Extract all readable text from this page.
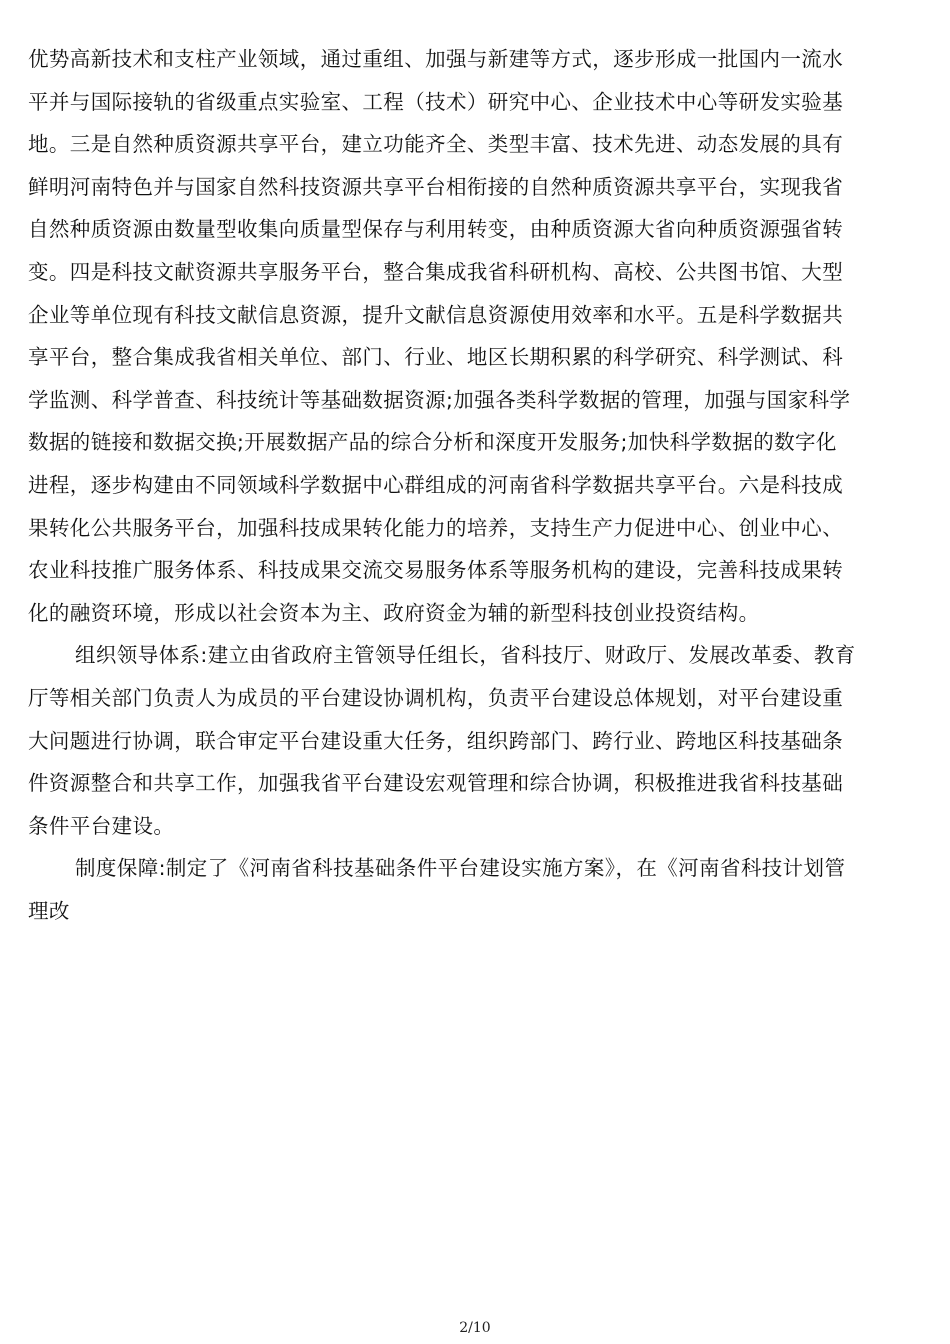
优势高新技术和支柱产业领域，通过重组、加强与新建等方式，逐步形成一批国内一流水
平并与国际接轨的省级重点实验室、工程（技术）研究中心、企业技术中心等研发实验基
地。三是自然种质资源共享平台，建立功能齐全、类型丰富、技术先进、动态发展的具有
鲜明河南特色并与国家自然科技资源共享平台相衔接的自然种质资源共享平台，实现我省
自然种质资源由数量型收集向质量型保存与利用转变，由种质资源大省向种质资源强省转
变。四是科技文献资源共享服务平台，整合集成我省科研机构、高校、公共图书馆、大型
企业等单位现有科技文献信息资源，提升文献信息资源使用效率和水平。五是科学数据共
享平台，整合集成我省相关单位、部门、行业、地区长期积累的科学研究、科学测试、科
学监测、科学普查、科技统计等基础数据资源;加强各类科学数据的管理，加强与国家科学
数据的链接和数据交换;开展数据产品的综合分析和深度开发服务;加快科学数据的数字化
进程，逐步构建由不同领域科学数据中心群组成的河南省科学数据共享平台。六是科技成
果转化公共服务平台，加强科技成果转化能力的培养，支持生产力促进中心、创业中心、
农业科技推广服务体系、科技成果交流交易服务体系等服务机构的建设，完善科技成果转
化的融资环境，形成以社会资本为主、政府资金为辅的新型科技创业投资结构。
组织领导体系:建立由省政府主管领导任组长，省科技厅、财政厅、发展改革委、教育
厅等相关部门负责人为成员的平台建设协调机构，负责平台建设总体规划，对平台建设重
大问题进行协调，联合审定平台建设重大任务，组织跨部门、跨行业、跨地区科技基础条
件资源整合和共享工作，加强我省平台建设宏观管理和综合协调，积极推进我省科技基础
条件平台建设。
制度保障:制定了《河南省科技基础条件平台建设实施方案》，在《河南省科技计划管
理改
2/10
